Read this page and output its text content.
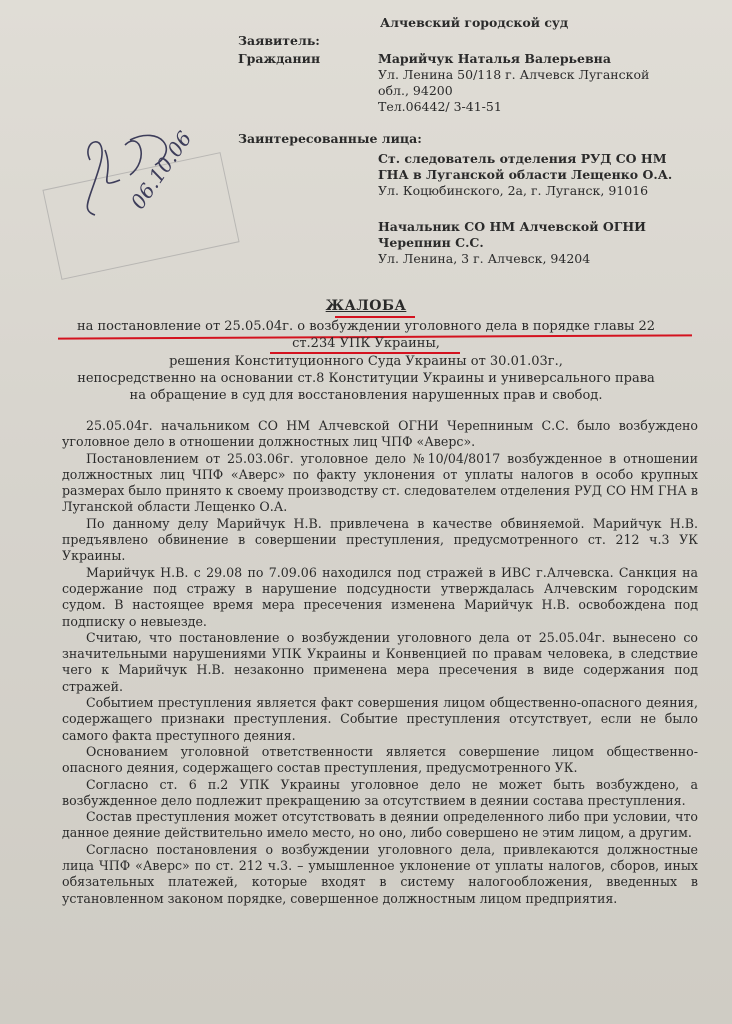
Алчевский городской суд
Заявитель:
Гражданин	Марийчук Наталья Валерьевна
Ул. Ленина 50/118 г. Алчевск Луганской
обл., 94200
Тел.06442/ 3-41-51
Заинтересованные лица:
Ст. следователь отделения РУД СО НМ
ГНА в Луганской области Лещенко О.А.
Ул. Коцюбинского, 2а, г. Луганск, 91016
Начальник СО НМ Алчевской ОГНИ
Черепнин С.С.
Ул. Ленина, 3 г. Алчевск, 94204
06.10.06
ЖАЛОБА
на постановление от 25.05.04г. о возбуждении уголовного дела в порядке главы 22
ст.234 УПК Украины,
решения Конституционного Суда Украины от 30.01.03г.,
непосредственно на основании ст.8 Конституции Украины и универсального права
на обращение в суд для восстановления нарушенных прав и свобод.

25.05.04г. начальником СО НМ Алчевской ОГНИ Черепниным С.С. было возбуждено уголовное дело в отношении должностных лиц ЧПФ «Аверс».

Постановлением от 25.03.06г. уголовное дело №10/04/8017 возбужденное в отношении должностных лиц ЧПФ «Аверс» по факту уклонения от уплаты налогов в особо крупных размерах было принято к своему производству ст. следователем отделения РУД СО НМ ГНА в Луганской области Лещенко О.А.

По данному делу Марийчук Н.В. привлечена в качестве обвиняемой. Марийчук Н.В. предъявлено обвинение в совершении преступления, предусмотренного ст. 212 ч.3 УК Украины.

Марийчук Н.В. с 29.08 по 7.09.06 находился под стражей в ИВС г.Алчевска. Санкция на содержание под стражу в нарушение подсудности утверждалась Алчевским городским судом. В настоящее время мера пресечения изменена Марийчук Н.В. освобождена под подписку о невыезде.

Считаю, что постановление о возбуждении уголовного дела от 25.05.04г. вынесено со значительными нарушениями УПК Украины и Конвенцией по правам человека, в следствие чего к Марийчук Н.В. незаконно применена мера пресечения в виде содержания под стражей.

Событием преступления является факт совершения лицом общественно-опасного деяния, содержащего признаки преступления. Событие преступления отсутствует, если не было самого факта преступного деяния.

Основанием уголовной ответственности является совершение лицом общественно-опасного деяния, содержащего состав преступления, предусмотренного УК.

Согласно ст. 6 п.2 УПК Украины уголовное дело не может быть возбуждено, а возбужденное дело подлежит прекращению за отсутствием в деянии состава преступления.

Состав преступления может отсутствовать в деянии определенного либо при условии, что данное деяние действительно имело место, но оно, либо совершено не этим лицом, а другим.

Согласно постановления о возбуждении уголовного дела, привлекаются должностные лица ЧПФ «Аверс» по ст. 212 ч.3. – умышленное уклонение от уплаты налогов, сборов, иных обязательных платежей, которые входят в систему налогообложения, введенных в установленном законом порядке, совершенное должностным лицом предприятия.
